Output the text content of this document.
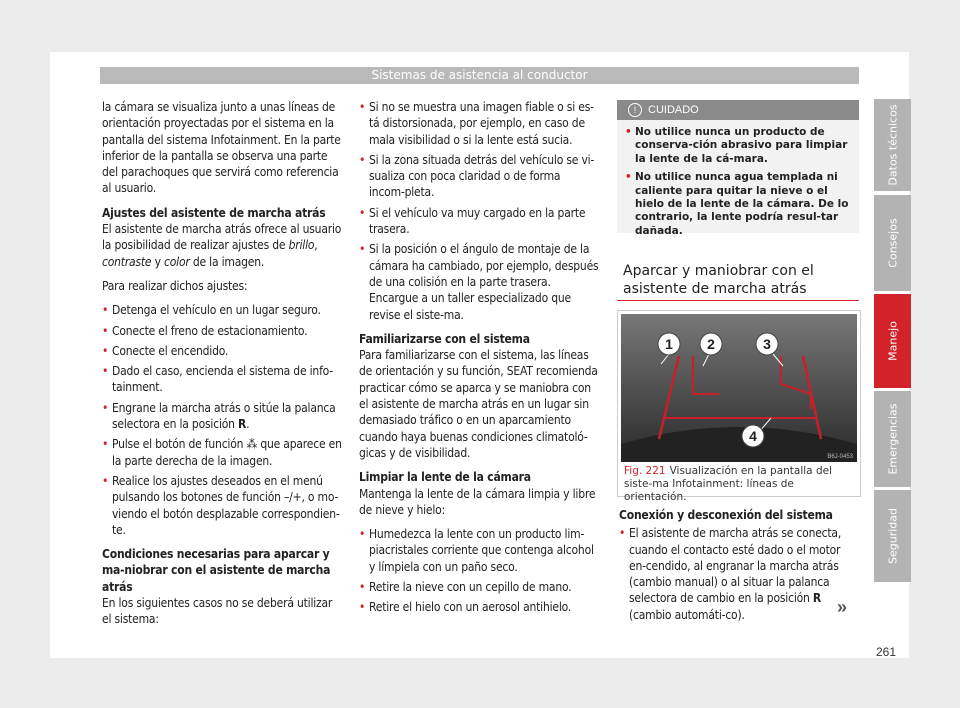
Sistemas de asistencia al conductor

la cámara se visualiza junto a unas líneas de orientación proyectadas por el sistema en la pantalla del sistema Infotainment. En la parte inferior de la pantalla se observa una parte del parachoques que servirá como referencia al usuario.

Ajustes del asistente de marcha atrás

El asistente de marcha atrás ofrece al usuario la posibilidad de realizar ajustes de brillo, contraste y color de la imagen.

Para realizar dichos ajustes:

• Detenga el vehículo en un lugar seguro.
• Conecte el freno de estacionamiento.
• Conecte el encendido.
• Dado el caso, encienda el sistema de info-tainment.
• Engrane la marcha atrás o sitúe la palanca selectora en la posición R.
• Pulse el botón de función ⁂ que aparece en la parte derecha de la imagen.
• Realice los ajustes deseados en el menú pulsando los botones de función –/+, o mo-viendo el botón desplazable correspondien-te.

Condiciones necesarias para aparcar y ma-niobrar con el asistente de marcha atrás

En los siguientes casos no se deberá utilizar el sistema:

• Si no se muestra una imagen fiable o si es-tá distorsionada, por ejemplo, en caso de mala visibilidad o si la lente está sucia.
• Si la zona situada detrás del vehículo se vi-sualiza con poca claridad o de forma incom-pleta.
• Si el vehículo va muy cargado en la parte trasera.
• Si la posición o el ángulo de montaje de la cámara ha cambiado, por ejemplo, después de una colisión en la parte trasera. Encargue a un taller especializado que revise el siste-ma.

Familiarizarse con el sistema

Para familiarizarse con el sistema, las líneas de orientación y su función, SEAT recomienda practicar cómo se aparca y se maniobra con el asistente de marcha atrás en un lugar sin demasiado tráfico o en un aparcamiento cuando haya buenas condiciones climatoló-gicas y de visibilidad.

Limpiar la lente de la cámara

Mantenga la lente de la cámara limpia y libre de nieve y hielo:

• Humedezca la lente con un producto lim-piacristales corriente que contenga alcohol y límpiela con un paño seco.
• Retire la nieve con un cepillo de mano.
• Retire el hielo con un aerosol antihielo.
! CUIDADO
• No utilice nunca un producto de conserva-ción abrasivo para limpiar la lente de la cá-mara.
• No utilice nunca agua templada ni caliente para quitar la nieve o el hielo de la lente de la cámara. De lo contrario, la lente podría resul-tar dañada.
Aparcar y maniobrar con el asistente de marcha atrás
1 2	3
4
B6J-0453
Fig. 221 Visualización en la pantalla del siste-ma Infotainment: líneas de orientación.

Conexión y desconexión del sistema

• El asistente de marcha atrás se conecta, cuando el contacto esté dado o el motor en-cendido, al engranar la marcha atrás (cambio manual) o al situar la palanca selectora de cambio en la posición R (cambio automáti-co).	»
261
Datos técnicos
Consejos
Manejo
Emergencias
Seguridad
